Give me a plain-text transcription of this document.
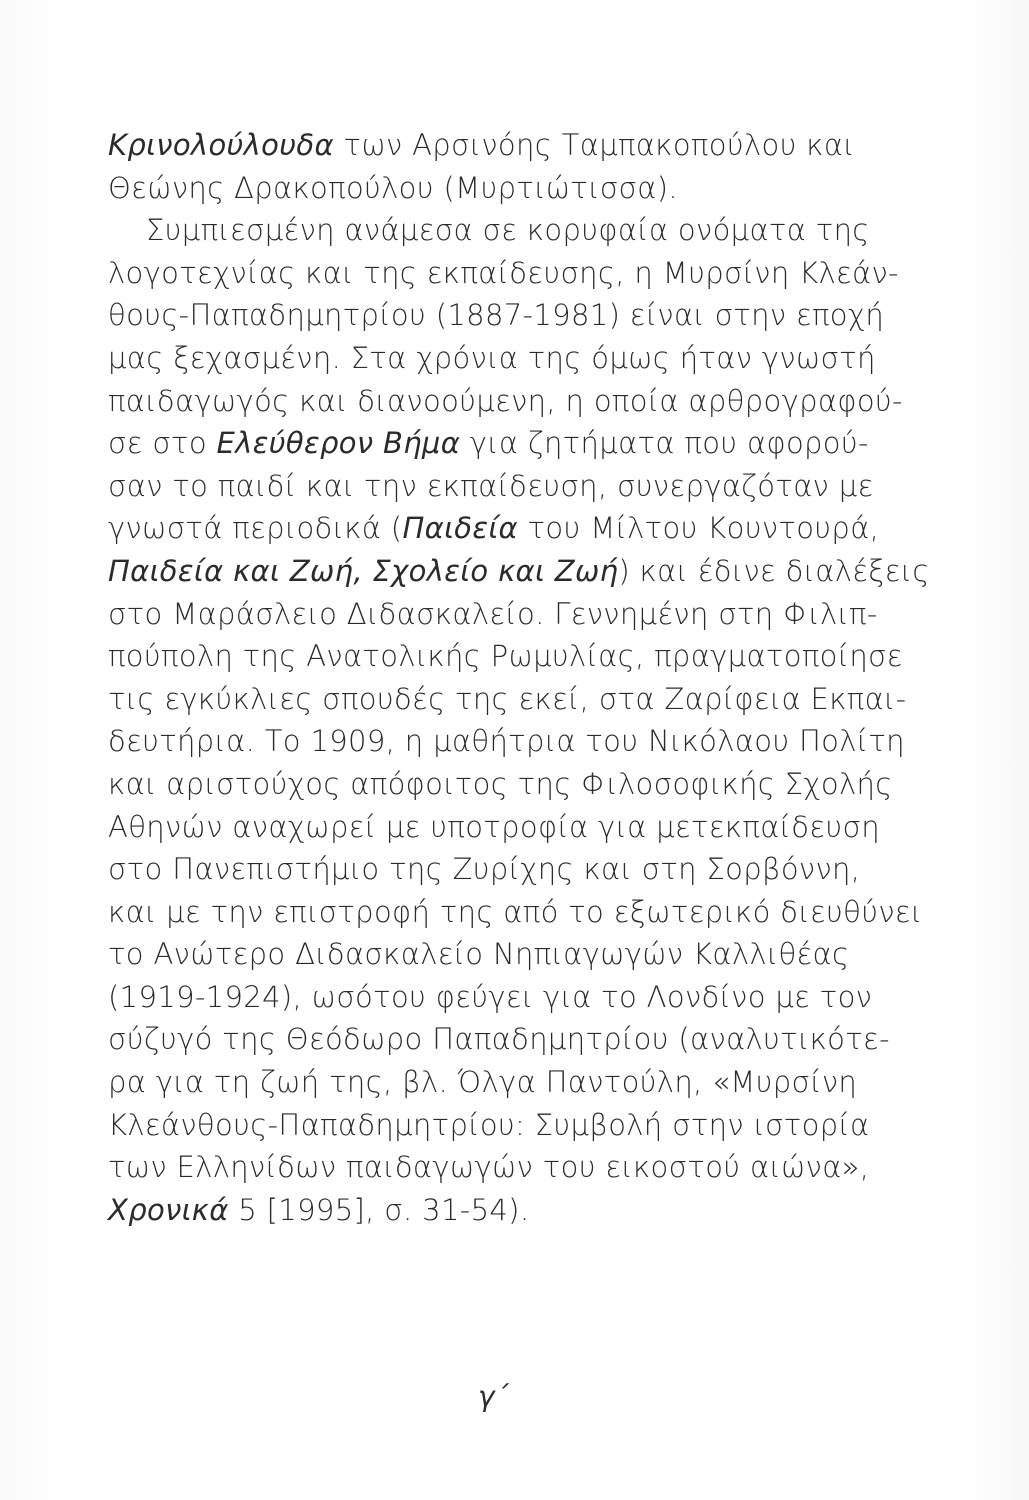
Κρινολούλουδα των Αρσινόης Ταμπακοπούλου και
Θεώνης Δρακοπούλου (Μυρτιώτισσα).
Συμπιεσμένη ανάμεσα σε κορυφαία ονόματα της
λογοτεχνίας και της εκπαίδευσης, η Μυρσίνη Κλεάν-
θους-Παπαδημητρίου (1887-1981) είναι στην εποχή
μας ξεχασμένη. Στα χρόνια της όμως ήταν γνωστή
παιδαγωγός και διανοούμενη, η οποία αρθρογραφού-
σε στο Ελεύθερον Βήμα για ζητήματα που αφορού-
σαν το παιδί και την εκπαίδευση, συνεργαζόταν με
γνωστά περιοδικά (Παιδεία του Μίλτου Κουντουρά,
Παιδεία και Ζωή, Σχολείο και Ζωή) και έδινε διαλέξεις
στο Μαράσλειο Διδασκαλείο. Γεννημένη στη Φιλιπ-
πούπολη της Ανατολικής Ρωμυλίας, πραγματοποίησε
τις εγκύκλιες σπουδές της εκεί, στα Ζαρίφεια Εκπαι-
δευτήρια. Το 1909, η μαθήτρια του Νικόλαου Πολίτη
και αριστούχος απόφοιτος της Φιλοσοφικής Σχολής
Αθηνών αναχωρεί με υποτροφία για μετεκπαίδευση
στο Πανεπιστήμιο της Ζυρίχης και στη Σορβόννη,
και με την επιστροφή της από το εξωτερικό διευθύνει
το Ανώτερο Διδασκαλείο Νηπιαγωγών Καλλιθέας
(1919-1924), ωσότου φεύγει για το Λονδίνο με τον
σύζυγό της Θεόδωρο Παπαδημητρίου (αναλυτικότε-
ρα για τη ζωή της, βλ. Όλγα Παντούλη, «Μυρσίνη
Κλεάνθους-Παπαδημητρίου: Συμβολή στην ιστορία
των Ελληνίδων παιδαγωγών του εικοστού αιώνα»,
Χρονικά 5 [1995], σ. 31-54).
γ΄
